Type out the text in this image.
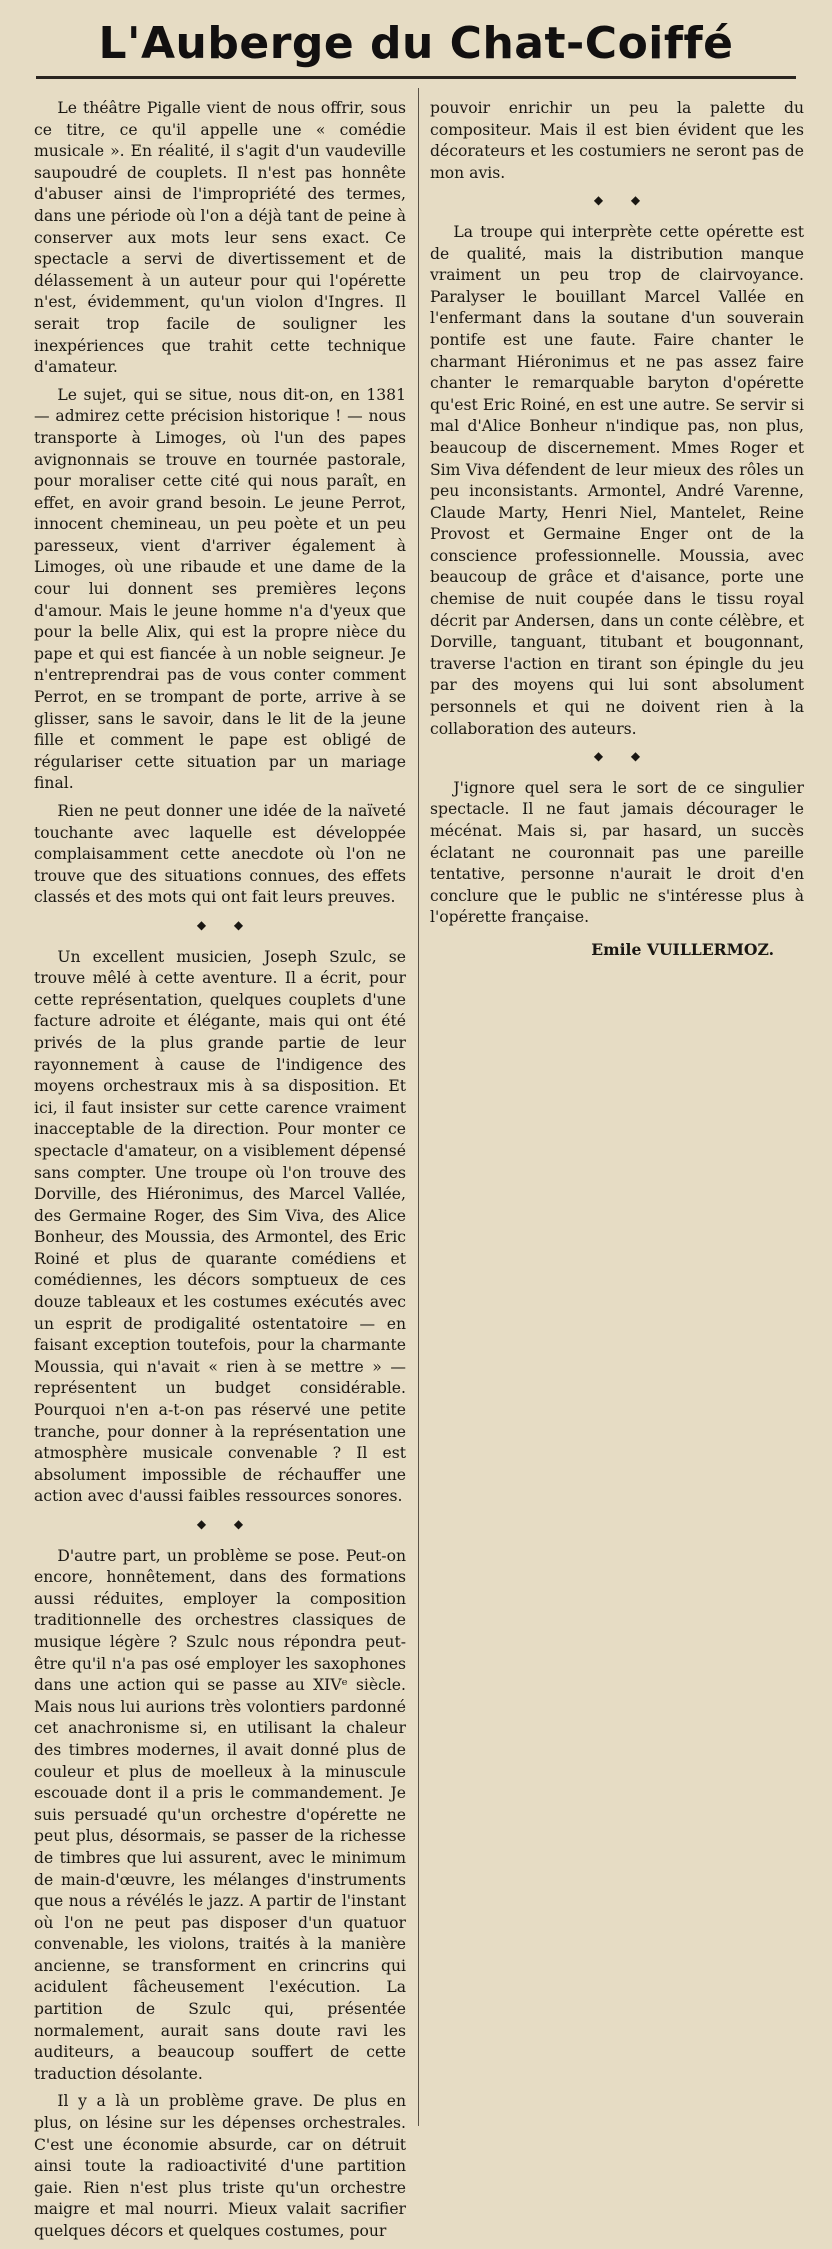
L'Auberge du Chat-Coiffé

Le théâtre Pigalle vient de nous offrir, sous ce titre, ce qu'il appelle une « comédie musicale ». En réalité, il s'agit d'un vaudeville saupoudré de couplets. Il n'est pas honnête d'abuser ainsi de l'impropriété des termes, dans une période où l'on a déjà tant de peine à conserver aux mots leur sens exact. Ce spectacle a servi de divertissement et de délassement à un auteur pour qui l'opérette n'est, évidemment, qu'un violon d'Ingres. Il serait trop facile de souligner les inexpériences que trahit cette technique d'amateur.

Le sujet, qui se situe, nous dit-on, en 1381 — admirez cette précision historique ! — nous transporte à Limoges, où l'un des papes avignonnais se trouve en tournée pastorale, pour moraliser cette cité qui nous paraît, en effet, en avoir grand besoin. Le jeune Perrot, innocent chemineau, un peu poète et un peu paresseux, vient d'arriver également à Limoges, où une ribaude et une dame de la cour lui donnent ses premières leçons d'amour. Mais le jeune homme n'a d'yeux que pour la belle Alix, qui est la propre nièce du pape et qui est fiancée à un noble seigneur. Je n'entreprendrai pas de vous conter comment Perrot, en se trompant de porte, arrive à se glisser, sans le savoir, dans le lit de la jeune fille et comment le pape est obligé de régulariser cette situation par un mariage final.

Rien ne peut donner une idée de la naïveté touchante avec laquelle est développée complaisamment cette anecdote où l'on ne trouve que des situations connues, des effets classés et des mots qui ont fait leurs preuves.

◆ ◆

Un excellent musicien, Joseph Szulc, se trouve mêlé à cette aventure. Il a écrit, pour cette représentation, quelques couplets d'une facture adroite et élégante, mais qui ont été privés de la plus grande partie de leur rayonnement à cause de l'indigence des moyens orchestraux mis à sa disposition. Et ici, il faut insister sur cette carence vraiment inacceptable de la direction. Pour monter ce spectacle d'amateur, on a visiblement dépensé sans compter. Une troupe où l'on trouve des Dorville, des Hiéronimus, des Marcel Vallée, des Germaine Roger, des Sim Viva, des Alice Bonheur, des Moussia, des Armontel, des Eric Roiné et plus de quarante comédiens et comédiennes, les décors somptueux de ces douze tableaux et les costumes exécutés avec un esprit de prodigalité ostentatoire — en faisant exception toutefois, pour la charmante Moussia, qui n'avait « rien à se mettre » — représentent un budget considérable. Pourquoi n'en a-t-on pas réservé une petite tranche, pour donner à la représentation une atmosphère musicale convenable ? Il est absolument impossible de réchauffer une action avec d'aussi faibles ressources sonores.

◆ ◆

D'autre part, un problème se pose. Peut-on encore, honnêtement, dans des formations aussi réduites, employer la composition traditionnelle des orchestres classiques de musique légère ? Szulc nous répondra peut-être qu'il n'a pas osé employer les saxophones dans une action qui se passe au XIVᵉ siècle. Mais nous lui aurions très volontiers pardonné cet anachronisme si, en utilisant la chaleur des timbres modernes, il avait donné plus de couleur et plus de moelleux à la minuscule escouade dont il a pris le commandement. Je suis persuadé qu'un orchestre d'opérette ne peut plus, désormais, se passer de la richesse de timbres que lui assurent, avec le minimum de main-d'œuvre, les mélanges d'instruments que nous a révélés le jazz. A partir de l'instant où l'on ne peut pas disposer d'un quatuor convenable, les violons, traités à la manière ancienne, se transforment en crincrins qui acidulent fâcheusement l'exécution. La partition de Szulc qui, présentée normalement, aurait sans doute ravi les auditeurs, a beaucoup souffert de cette traduction désolante.

Il y a là un problème grave. De plus en plus, on lésine sur les dépenses orchestrales. C'est une économie absurde, car on détruit ainsi toute la radioactivité d'une partition gaie. Rien n'est plus triste qu'un orchestre maigre et mal nourri. Mieux valait sacrifier quelques décors et quelques costumes, pour

pouvoir enrichir un peu la palette du compositeur. Mais il est bien évident que les décorateurs et les costumiers ne seront pas de mon avis.

◆ ◆

La troupe qui interprète cette opérette est de qualité, mais la distribution manque vraiment un peu trop de clairvoyance. Paralyser le bouillant Marcel Vallée en l'enfermant dans la soutane d'un souverain pontife est une faute. Faire chanter le charmant Hiéronimus et ne pas assez faire chanter le remarquable baryton d'opérette qu'est Eric Roiné, en est une autre. Se servir si mal d'Alice Bonheur n'indique pas, non plus, beaucoup de discernement. Mmes Roger et Sim Viva défendent de leur mieux des rôles un peu inconsistants. Armontel, André Varenne, Claude Marty, Henri Niel, Mantelet, Reine Provost et Germaine Enger ont de la conscience professionnelle. Moussia, avec beaucoup de grâce et d'aisance, porte une chemise de nuit coupée dans le tissu royal décrit par Andersen, dans un conte célèbre, et Dorville, tanguant, titubant et bougonnant, traverse l'action en tirant son épingle du jeu par des moyens qui lui sont absolument personnels et qui ne doivent rien à la collaboration des auteurs.

◆ ◆

J'ignore quel sera le sort de ce singulier spectacle. Il ne faut jamais décourager le mécénat. Mais si, par hasard, un succès éclatant ne couronnait pas une pareille tentative, personne n'aurait le droit d'en conclure que le public ne s'intéresse plus à l'opérette française.

Emile VUILLERMOZ.
